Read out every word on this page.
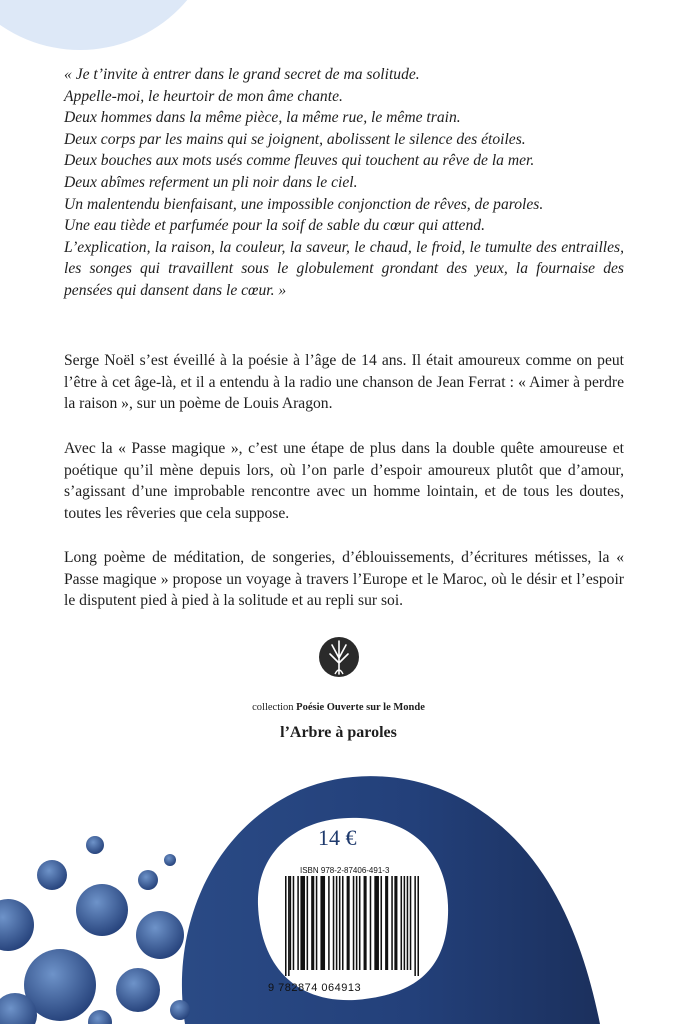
« Je t’invite à entrer dans le grand secret de ma solitude.
Appelle-moi, le heurtoir de mon âme chante.
Deux hommes dans la même pièce, la même rue, le même train.
Deux corps par les mains qui se joignent, abolissent le silence des étoiles.
Deux bouches aux mots usés comme fleuves qui touchent au rêve de la mer.
Deux abîmes referment un pli noir dans le ciel.
Un malentendu bienfaisant, une impossible conjonction de rêves, de paroles.
Une eau tiède et parfumée pour la soif de sable du cœur qui attend.
L’explication, la raison, la couleur, la saveur, le chaud, le froid, le tumulte des entrailles, les songes qui travaillent sous le globulement grondant des yeux, la fournaise des pensées qui dansent dans le cœur. »

Serge Noël s’est éveillé à la poésie à l’âge de 14 ans. Il était amoureux comme on peut l’être à cet âge-là, et il a entendu à la radio une chanson de Jean Ferrat : « Aimer à perdre la raison », sur un poème de Louis Aragon.

Avec la « Passe magique », c’est une étape de plus dans la double quête amoureuse et poétique qu’il mène depuis lors, où l’on parle d’espoir amoureux plutôt que d’amour, s’agissant d’une improbable rencontre avec un homme lointain, et de tous les doutes, toutes les rêveries que cela suppose.

Long poème de méditation, de songeries, d’éblouissements, d’écritures métisses, la « Passe magique » propose un voyage à travers l’Europe et le Maroc, où le désir et l’espoir le disputent pied à pied à la solitude et au repli sur soi.

collection Poésie Ouverte sur le Monde
l’Arbre à paroles
14 €
ISBN 978-2-87406-491-3
9 782874 064913
